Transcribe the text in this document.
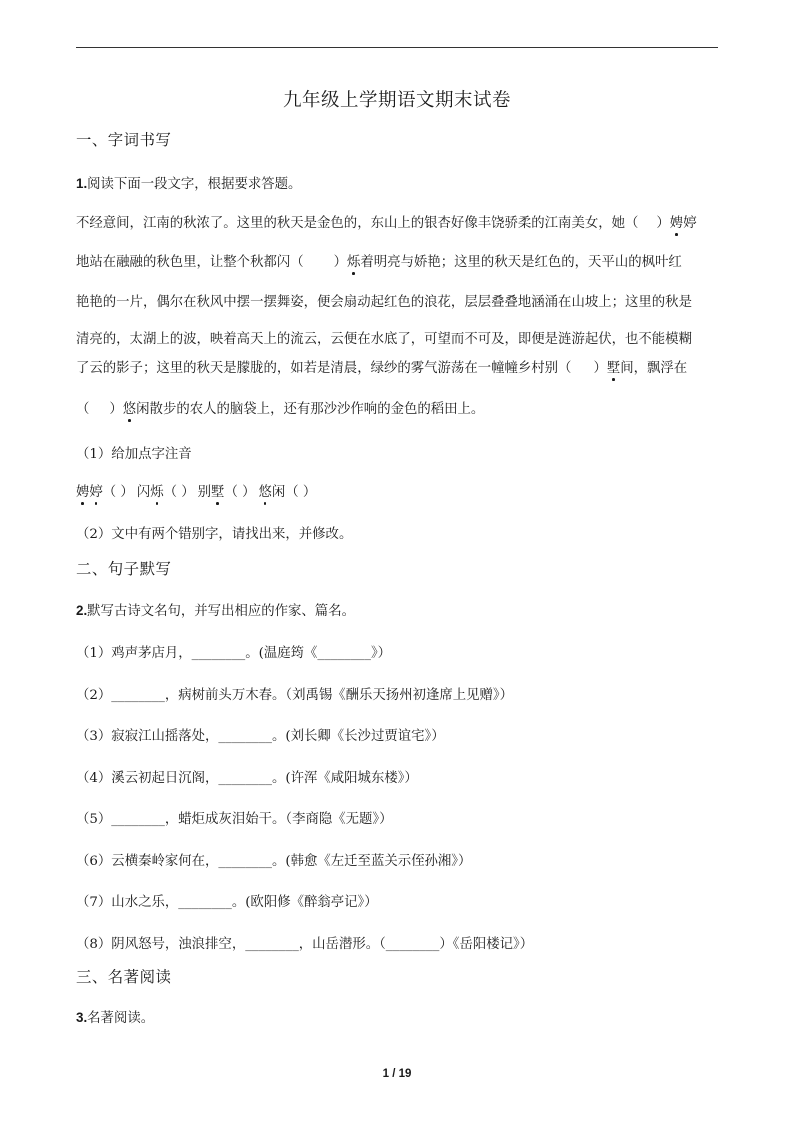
九年级上学期语文期末试卷
一、字词书写
1.阅读下面一段文字，根据要求答题。
不经意间，江南的秋浓了。这里的秋天是金色的，东山上的银杏好像丰饶骄柔的江南美女，她（ ）娉婷
地站在融融的秋色里，让整个秋都闪（ ）烁着明亮与娇艳；这里的秋天是红色的，天平山的枫叶红
艳艳的一片，偶尔在秋风中摆一摆舞姿，便会扇动起红色的浪花，层层叠叠地涵涌在山坡上；这里的秋是
清亮的，太湖上的波，映着高天上的流云，云便在水底了，可望而不可及，即便是涟游起伏，也不能模糊
了云的影子；这里的秋天是朦胧的，如若是清晨，绿纱的雾气游荡在一幢幢乡村别（ ）墅间，飘浮在
（ ）悠闲散步的农人的脑袋上，还有那沙沙作响的金色的稻田上。
（1）给加点字注音
娉婷（ ） 闪烁（ ） 别墅（ ） 悠闲（ ）
（2）文中有两个错别字，请找出来，并修改。
二、句子默写
2.默写古诗文名句，并写出相应的作家、篇名。
（1）鸡声茅店月，________。(温庭筠《________》）
（2）________，病树前头万木春。（刘禹锡《酬乐天扬州初逢席上见赠》）
（3）寂寂江山摇落处，________。(刘长卿《长沙过贾谊宅》）
（4）溪云初起日沉阁，________。(许浑《咸阳城东楼》）
（5）________，蜡炬成灰泪始干。（李商隐《无题》）
（6）云横秦岭家何在，________。(韩愈《左迁至蓝关示侄孙湘》）
（7）山水之乐，________。(欧阳修《醉翁亭记》）
（8）阴风怒号，浊浪排空，________，山岳潜形。（________）《岳阳楼记》）
三、名著阅读
3.名著阅读。
1 / 19
